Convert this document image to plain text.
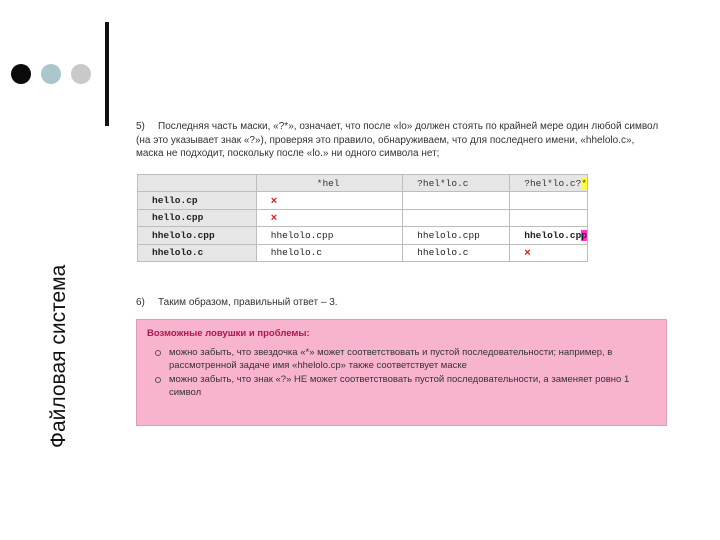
Файловая система
5) Последняя часть маски, «?*», означает, что после «lo» должен стоять по крайней мере один любой символ (на это указывает знак «?»), проверяя это правило, обнаруживаем, что для последнего имени, «hhelolo.c», маска не подходит, поскольку после «lo.» ни одного символа нет;
	*hel	?hel*lo.c	?hel*lo.c?*
hello.cp	×		
hello.cpp	×		
hhelolo.cpp	hhelolo.cpp	hhelolo.cpp	hhelolo.cpp
hhelolo.c	hhelolo.c	hhelolo.c	×
6) Таким образом, правильный ответ – 3.
Возможные ловушки и проблемы:
можно забыть, что звездочка «*» может соответствовать и пустой последовательности; например, в рассмотренной задаче имя «hhelolo.cp» также соответствует маске
можно забыть, что знак «?» НЕ может соответствовать пустой последовательности, а заменяет ровно 1 символ
